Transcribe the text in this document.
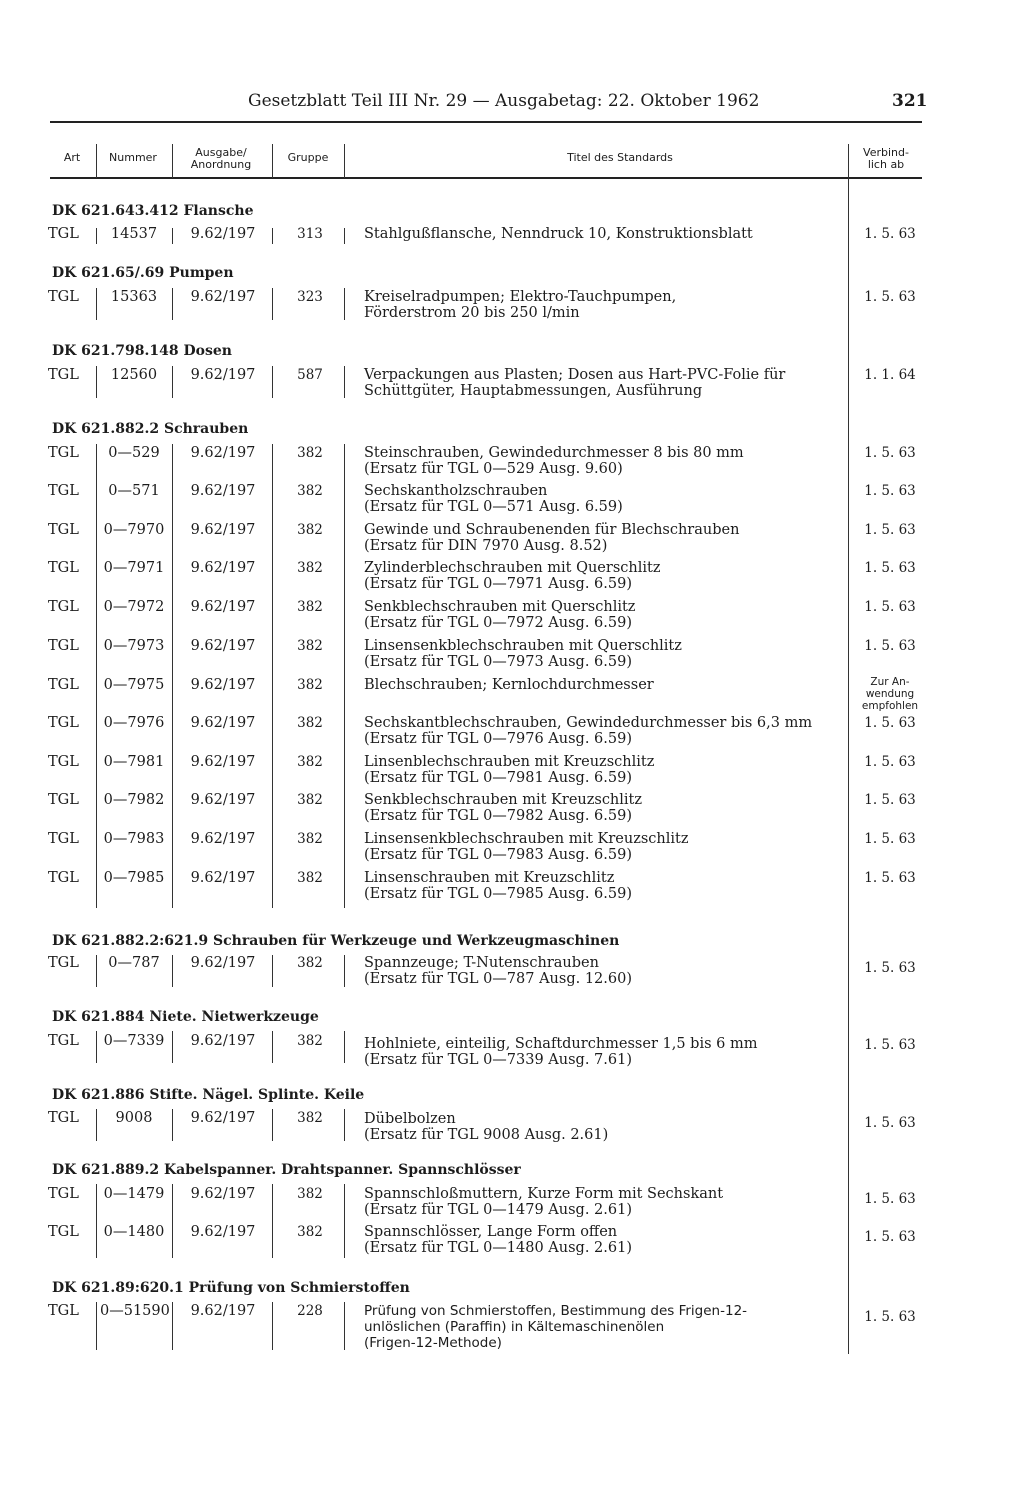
Gesetzblatt Teil III Nr. 29 — Ausgabetag: 22. Oktober 1962	321
Art	Nummer	Ausgabe/
Anordnung
Gruppe	Titel des Standards	Verbind-
lich ab
DK 621.643.412 Flansche
TGL	14537	9.62/197	313	Stahlgußflansche, Nenndruck 10, Konstruktionsblatt	1. 5. 63
DK 621.65/.69 Pumpen
TGL	15363	9.62/197	323	Kreiselradpumpen; Elektro-Tauchpumpen,
Förderstrom 20 bis 250 l/min
1. 5. 63
DK 621.798.148 Dosen
TGL	12560	9.62/197	587	Verpackungen aus Plasten; Dosen aus Hart-PVC-Folie für
Schüttgüter, Hauptabmessungen, Ausführung
1. 1. 64
DK 621.882.2 Schrauben
TGL	0—529	9.62/197	382	Steinschrauben, Gewindedurchmesser 8 bis 80 mm
(Ersatz für TGL 0—529 Ausg. 9.60)
1. 5. 63
TGL	0—571	9.62/197	382	Sechskantholzschrauben
(Ersatz für TGL 0—571 Ausg. 6.59)
1. 5. 63
TGL 0—7970	9.62/197	382	Gewinde und Schraubenenden für Blechschrauben
(Ersatz für DIN 7970 Ausg. 8.52)
1. 5. 63
TGL 0—7971	9.62/197	382	Zylinderblechschrauben mit Querschlitz
(Ersatz für TGL 0—7971 Ausg. 6.59)
1. 5. 63
TGL 0—7972	9.62/197	382	Senkblechschrauben mit Querschlitz
(Ersatz für TGL 0—7972 Ausg. 6.59)
1. 5. 63
TGL 0—7973	9.62/197	382	Linsensenkblechschrauben mit Querschlitz
(Ersatz für TGL 0—7973 Ausg. 6.59)
1. 5. 63
TGL 0—7975	9.62/197	382	Blechschrauben; Kernlochdurchmesser	Zur An-
wendung
empfohlen
TGL 0—7976	9.62/197	382	Sechskantblechschrauben, Gewindedurchmesser bis 6,3 mm
(Ersatz für TGL 0—7976 Ausg. 6.59)
1. 5. 63
TGL 0—7981	9.62/197	382	Linsenblechschrauben mit Kreuzschlitz
(Ersatz für TGL 0—7981 Ausg. 6.59)
1. 5. 63
TGL 0—7982	9.62/197	382	Senkblechschrauben mit Kreuzschlitz
(Ersatz für TGL 0—7982 Ausg. 6.59)
1. 5. 63
TGL 0—7983	9.62/197	382	Linsensenkblechschrauben mit Kreuzschlitz
(Ersatz für TGL 0—7983 Ausg. 6.59)
1. 5. 63
TGL 0—7985	9.62/197	382	Linsenschrauben mit Kreuzschlitz
(Ersatz für TGL 0—7985 Ausg. 6.59)
1. 5. 63
DK 621.882.2:621.9 Schrauben für Werkzeuge und Werkzeugmaschinen
TGL	0—787	9.62/197	382	Spannzeuge; T-Nutenschrauben
(Ersatz für TGL 0—787 Ausg. 12.60)
1. 5. 63
DK 621.884 Niete. Nietwerkzeuge
TGL 0—7339	9.62/197	382	Hohlniete, einteilig, Schaftdurchmesser 1,5 bis 6 mm
(Ersatz für TGL 0—7339 Ausg. 7.61)
1. 5. 63
DK 621.886 Stifte. Nägel. Splinte. Keile
TGL	9008	9.62/197	382	Dübelbolzen
(Ersatz für TGL 9008 Ausg. 2.61)
1. 5. 63
DK 621.889.2 Kabelspanner. Drahtspanner. Spannschlösser
TGL 0—1479	9.62/197	382	Spannschloßmuttern, Kurze Form mit Sechskant
(Ersatz für TGL 0—1479 Ausg. 2.61)
1. 5. 63
TGL 0—1480	9.62/197	382	Spannschlösser, Lange Form offen
(Ersatz für TGL 0—1480 Ausg. 2.61)
1. 5. 63
DK 621.89:620.1 Prüfung von Schmierstoffen
TGL 0—51590	9.62/197	228	Prüfung von Schmierstoffen, Bestimmung des Frigen-12-
unlöslichen (Paraffin) in Kältemaschinenölen
(Frigen-12-Methode)
1. 5. 63
